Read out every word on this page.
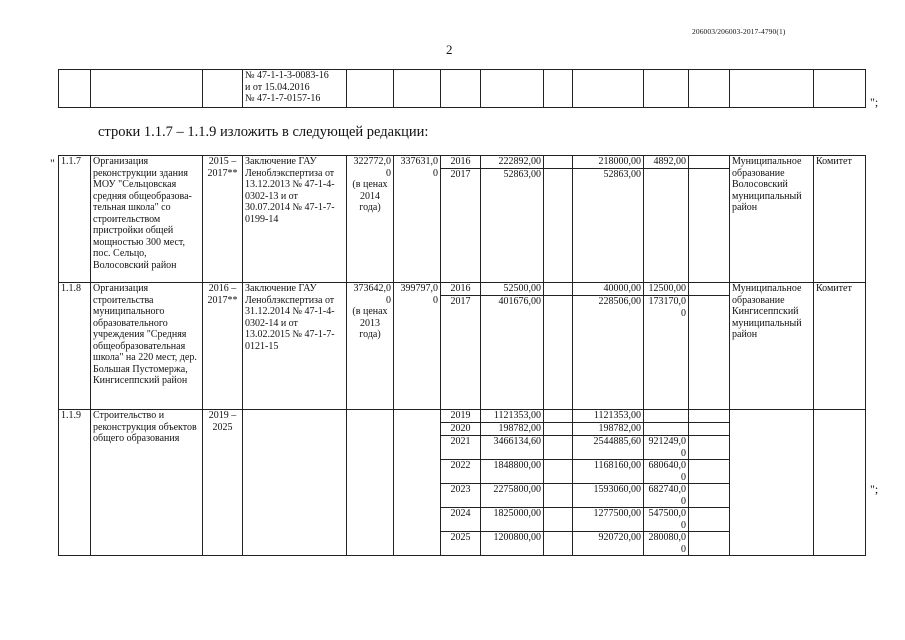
206003/206003-2017-4790(1)
2
			№ 47-1-1-3-0083-16
и от 15.04.2016
№ 47-1-7-0157-16											";
строки 1.1.7 – 1.1.9 изложить в следующей редакции:
" 1.1.7	Организация реконструкции здания МОУ "Сельцовская средняя общеобразова-тельная школа" со строительством пристройки общей мощностью 300 мест, пос. Сельцо, Волосовский район	2015 – 2017**	Заключение ГАУ Леноблэкспертиза от 13.12.2013 № 47-1-4-0302-13 и от 30.07.2014 № 47-1-7-0199-14	322772,00
(в ценах 2014 года)	337631,00	2016	222892,00		218000,00	4892,00		Муниципальное образование Волосовский муниципальный район	Комитет
						2017	52863,00		52863,00				
1.1.8	Организация строительства муниципального образовательного учреждения "Средняя общеобразовательная школа" на 220 мест, дер. Большая Пустомержа, Кингисеппский район	2016 – 2017**	Заключение ГАУ Леноблэкспертиза от 31.12.2014 № 47-1-4-0302-14 и от 13.02.2015 № 47-1-7-0121-15	373642,00
(в ценах 2013 года)	399797,00	2016	52500,00		40000,00	12500,00		Муниципальное образование Кингисеппский муниципальный район	Комитет
						2017	401676,00		228506,00	173170,00			
1.1.9	Строительство и реконструкция объектов общего образования	2019 – 2025				2019	1121353,00		1121353,00				
						2020	198782,00		198782,00				
						2021	3466134,60		2544885,60	921249,00			
						2022	1848800,00		1168160,00	680640,00			
						2023	2275800,00		1593060,00	682740,00			
						2024	1825000,00		1277500,00	547500,00			
						2025	1200800,00		920720,00	280080,00			
";
